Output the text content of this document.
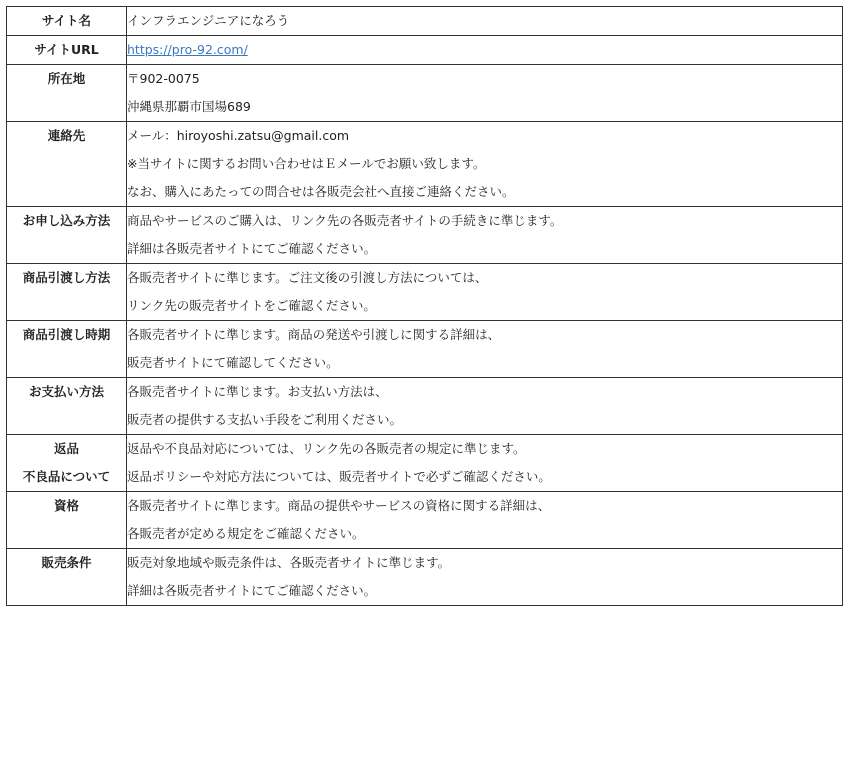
サイト名	インフラエンジニアになろう

サイトURL	https://pro-92.com/

所在地	〒902-0075
沖縄県那覇市国場689

連絡先	メール：hiroyoshi.zatsu@gmail.com
※当サイトに関するお問い合わせはＥメールでお願い致します。
なお、購入にあたっての問合せは各販売会社へ直接ご連絡ください。

お申し込み方法	商品やサービスのご購入は、リンク先の各販売者サイトの手続きに準じます。
詳細は各販売者サイトにてご確認ください。

商品引渡し方法	各販売者サイトに準じます。ご注文後の引渡し方法については、
リンク先の販売者サイトをご確認ください。

商品引渡し時期	各販売者サイトに準じます。商品の発送や引渡しに関する詳細は、
販売者サイトにて確認してください。

お支払い方法	各販売者サイトに準じます。お支払い方法は、
販売者の提供する支払い手段をご利用ください。

返品
不良品について	返品や不良品対応については、リンク先の各販売者の規定に準じます。
返品ポリシーや対応方法については、販売者サイトで必ずご確認ください。

資格	各販売者サイトに準じます。商品の提供やサービスの資格に関する詳細は、
各販売者が定める規定をご確認ください。

販売条件	販売対象地域や販売条件は、各販売者サイトに準じます。
詳細は各販売者サイトにてご確認ください。
